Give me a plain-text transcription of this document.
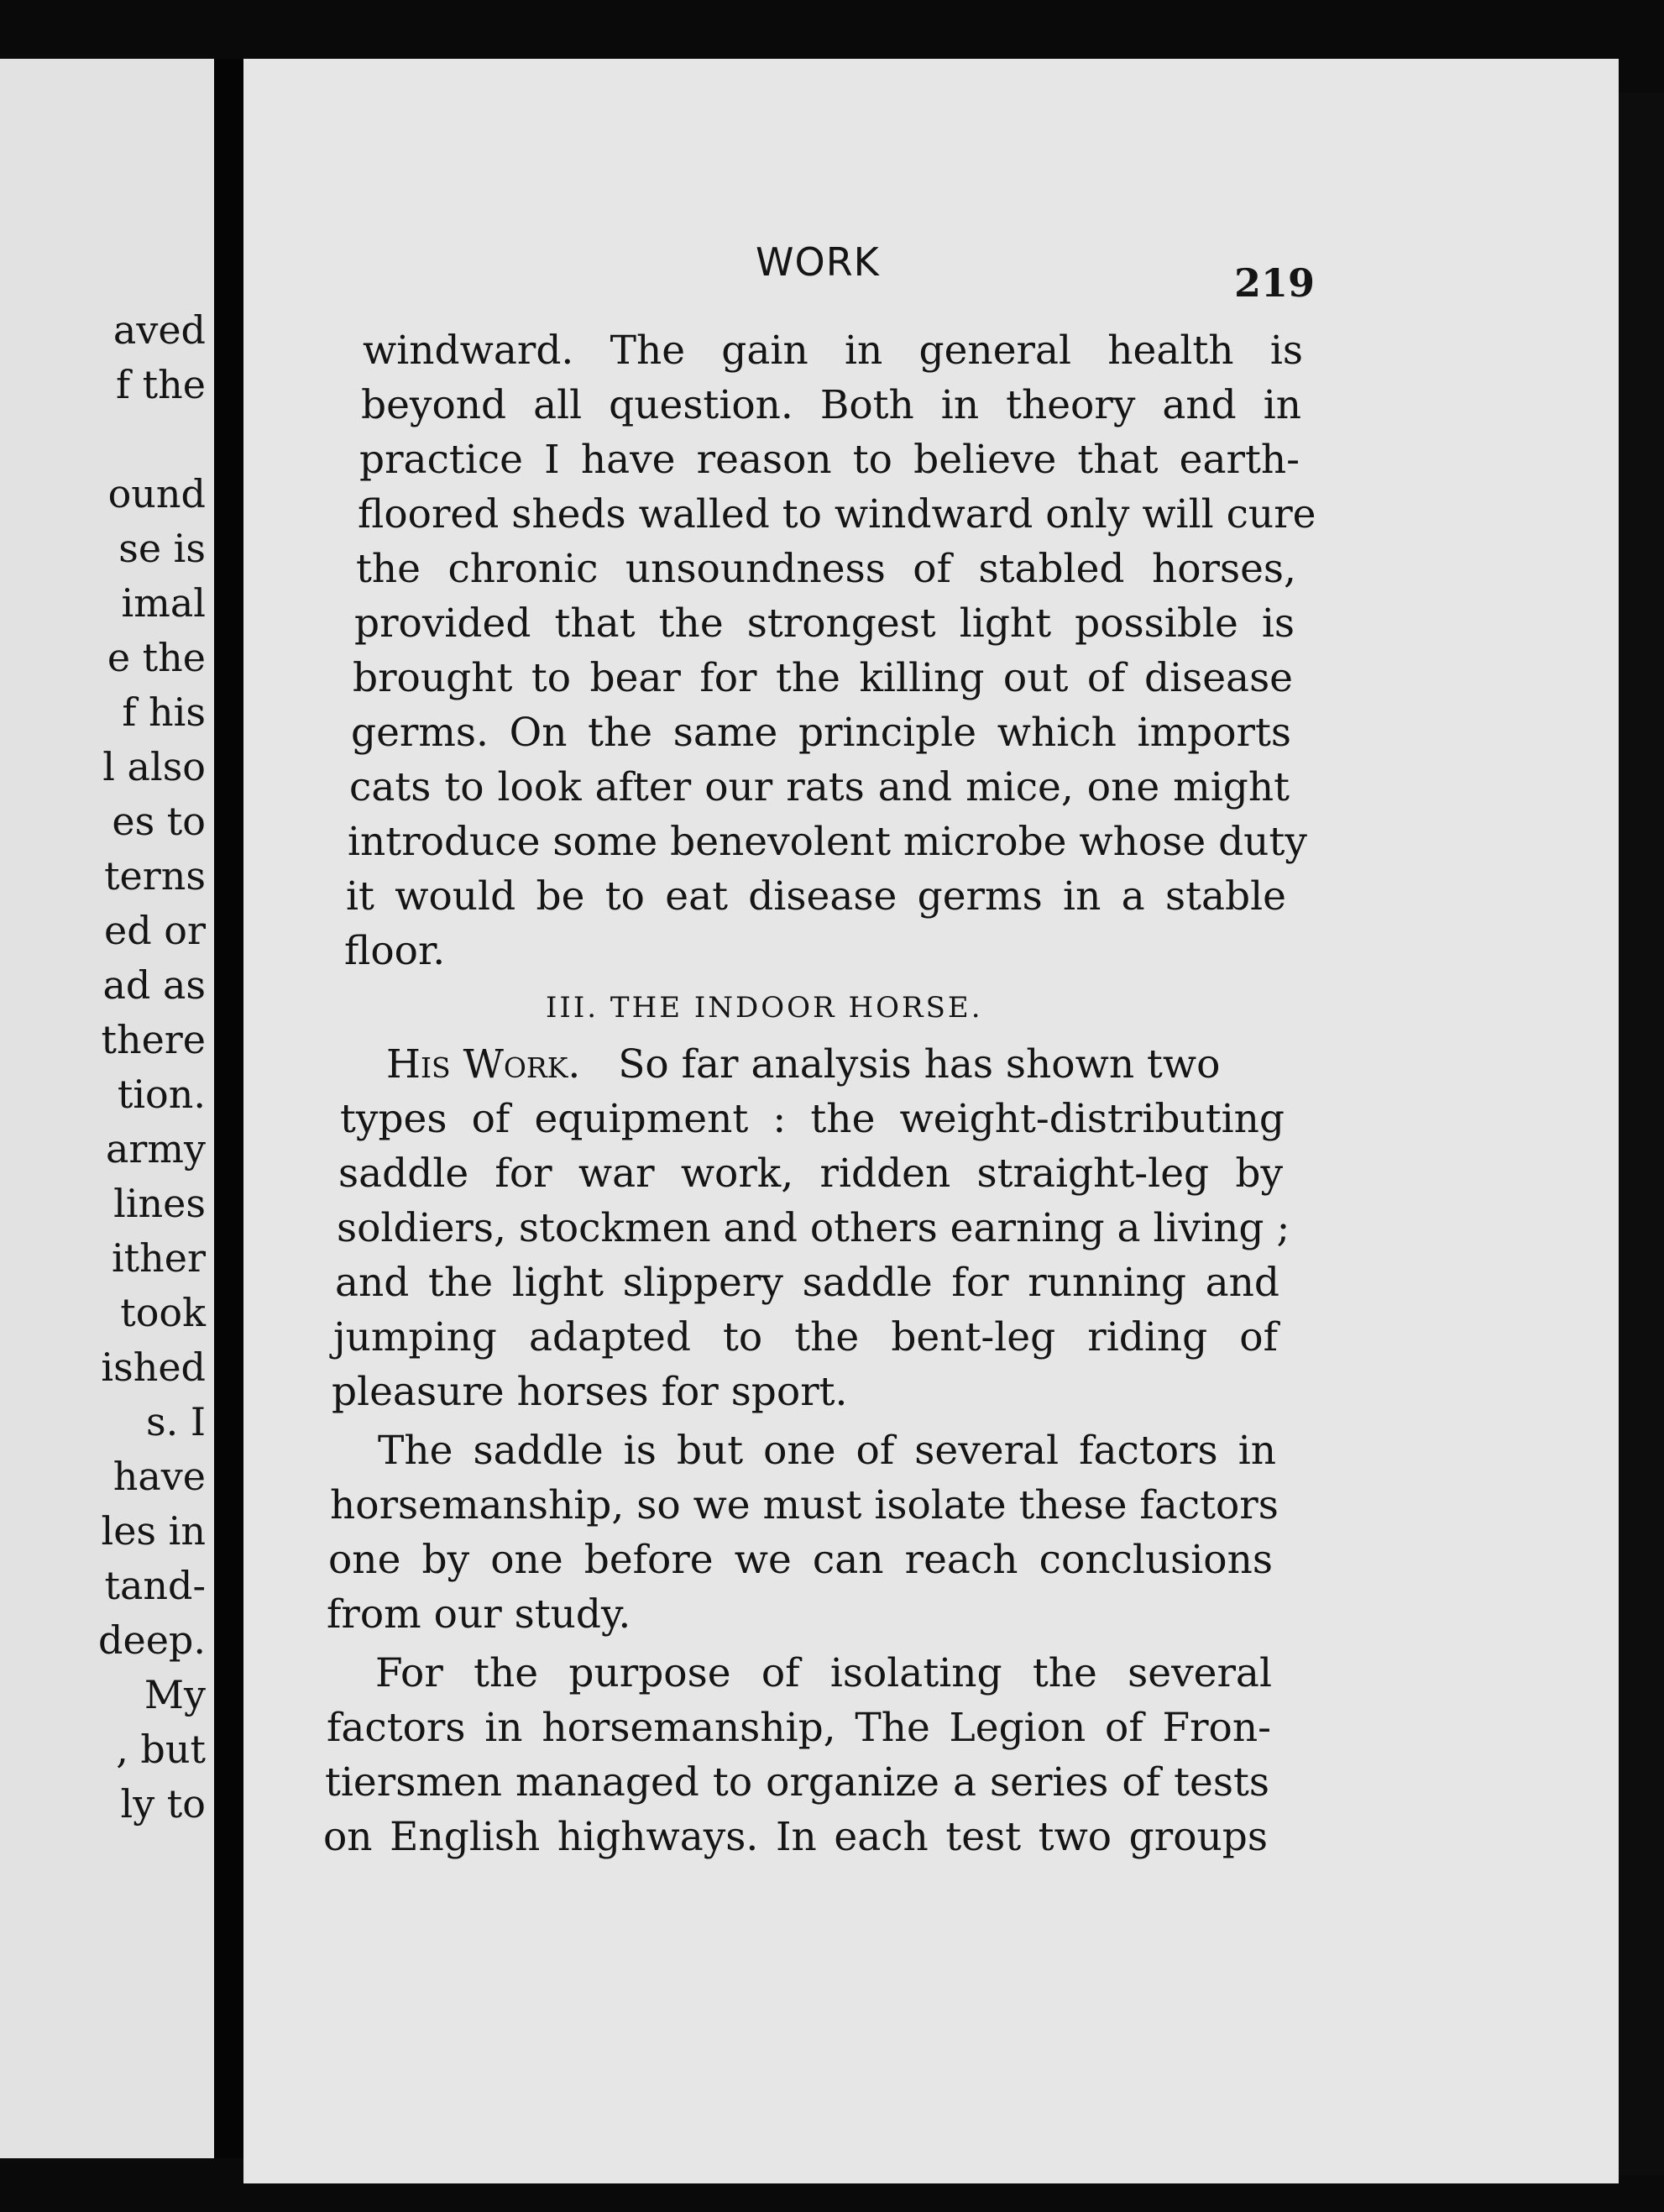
aved
f the
ound
se is
imal
e the
f his
l also
es to
terns
ed or
ad as
there
tion.
army
lines
ither
took
ished
s. I
have
les in
tand-
deep.
My
, but
ly to
WORK	219
windward. The gain in general health is
beyond all question. Both in theory and in
practice I have reason to believe that earth-
floored sheds walled to windward only will cure
the chronic unsoundness of stabled horses,
provided that the strongest light possible is
brought to bear for the killing out of disease
germs. On the same principle which imports
cats to look after our rats and mice, one might
introduce some benevolent microbe whose duty
it would be to eat disease germs in a stable
floor.
III. THE INDOOR HORSE.
His Work. So far analysis has shown two
types of equipment : the weight-distributing
saddle for war work, ridden straight-leg by
soldiers, stockmen and others earning a living ;
and the light slippery saddle for running and
jumping adapted to the bent-leg riding of
pleasure horses for sport.
The saddle is but one of several factors in
horsemanship, so we must isolate these factors
one by one before we can reach conclusions
from our study.
For the purpose of isolating the several
factors in horsemanship, The Legion of Fron-
tiersmen managed to organize a series of tests
on English highways. In each test two groups
